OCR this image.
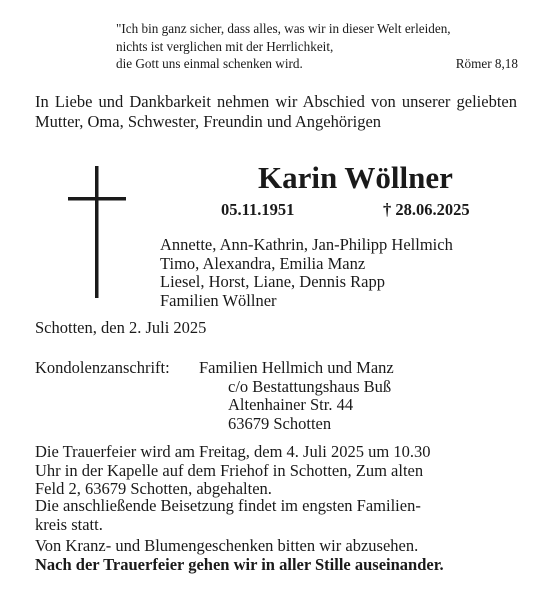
"Ich bin ganz sicher, dass alles, was wir in dieser Welt erleiden,
nichts ist verglichen mit der Herrlichkeit,
die Gott uns einmal schenken wird.	Römer 8,18
In Liebe und Dankbarkeit nehmen wir Abschied von unserer geliebten Mutter, Oma, Schwester, Freundin und Angehörigen
Karin Wöllner
05.11.1951	† 28.06.2025
Annette, Ann-Kathrin, Jan-Philipp Hellmich
Timo, Alexandra, Emilia Manz
Liesel, Horst, Liane, Dennis Rapp
Familien Wöllner
Schotten, den 2. Juli 2025
Kondolenzanschrift: Familien Hellmich und Manz
c/o Bestattungshaus Buß
Altenhainer Str. 44
63679 Schotten
Die Trauerfeier wird am Freitag, dem 4. Juli 2025 um 10.30
Uhr in der Kapelle auf dem Friehof in Schotten, Zum alten
Feld 2, 63679 Schotten, abgehalten.
Die anschließende Beisetzung findet im engsten Familien-
kreis statt.
Von Kranz- und Blumengeschenken bitten wir abzusehen.
Nach der Trauerfeier gehen wir in aller Stille auseinander.
